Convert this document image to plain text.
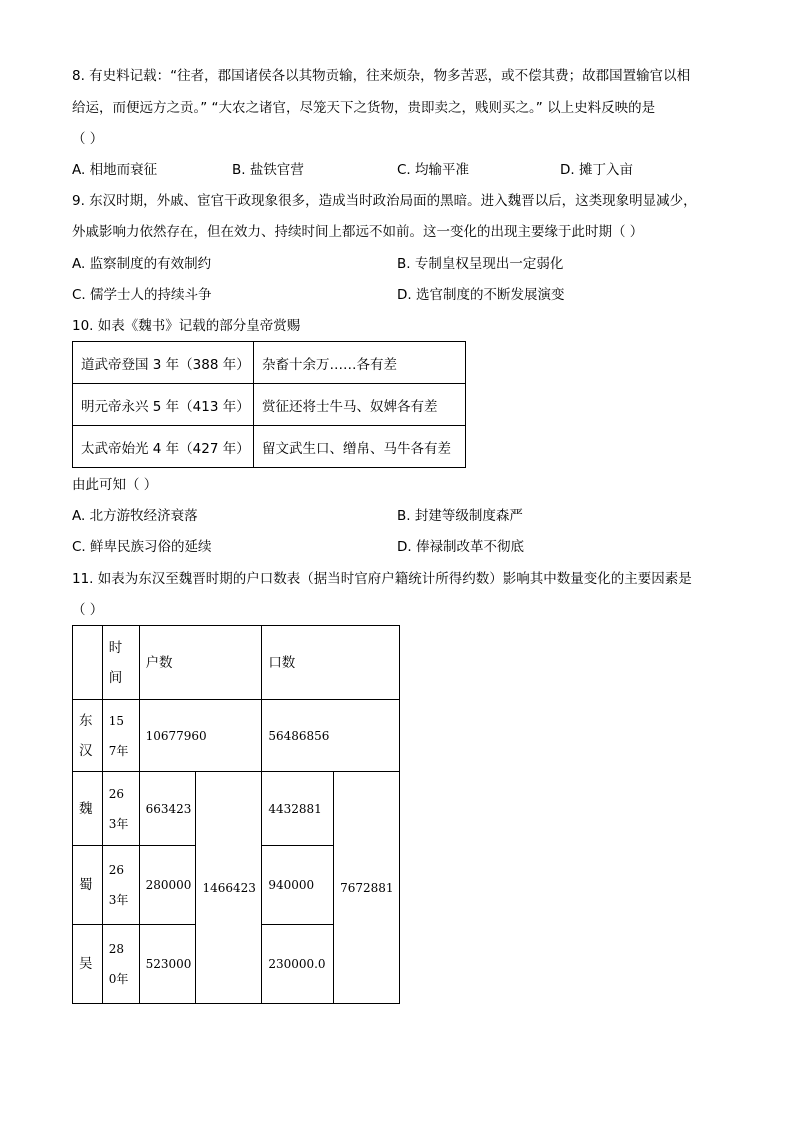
8. 有史料记载：“往者，郡国诸侯各以其物贡输，往来烦杂，物多苦恶，或不偿其费；故郡国置输官以相
给运，而便远方之贡。” “大农之诸官，尽笼天下之货物，贵即卖之，贱则买之。” 以上史料反映的是
（ ）
A. 相地而衰征	B. 盐铁官营	C. 均输平准	D. 摊丁入亩
9. 东汉时期，外戚、宦官干政现象很多，造成当时政治局面的黑暗。进入魏晋以后，这类现象明显减少，
外戚影响力依然存在，但在效力、持续时间上都远不如前。这一变化的出现主要缘于此时期（ ）
A. 监察制度的有效制约	B. 专制皇权呈现出一定弱化
C. 儒学士人的持续斗争	D. 选官制度的不断发展演变
10. 如表《魏书》记载的部分皇帝赏赐
道武帝登国 3 年（388 年）	杂畜十余万……各有差
明元帝永兴 5 年（413 年）	赏征还将士牛马、奴婢各有差
太武帝始光 4 年（427 年）	留文武生口、缯帛、马牛各有差
由此可知（ ）
A. 北方游牧经济衰落	B. 封建等级制度森严
C. 鲜卑民族习俗的延续	D. 俸禄制改革不彻底
11. 如表为东汉至魏晋时期的户口数表（据当时官府户籍统计所得约数）影响其中数量变化的主要因素是
（ ）
	时间	户数		口数	
东汉	157年	10677960		56486856	
魏	263年	663423	1466423	4432881	7672881
蜀	263年	280000		940000	
吴	280年	523000		230000.0	
